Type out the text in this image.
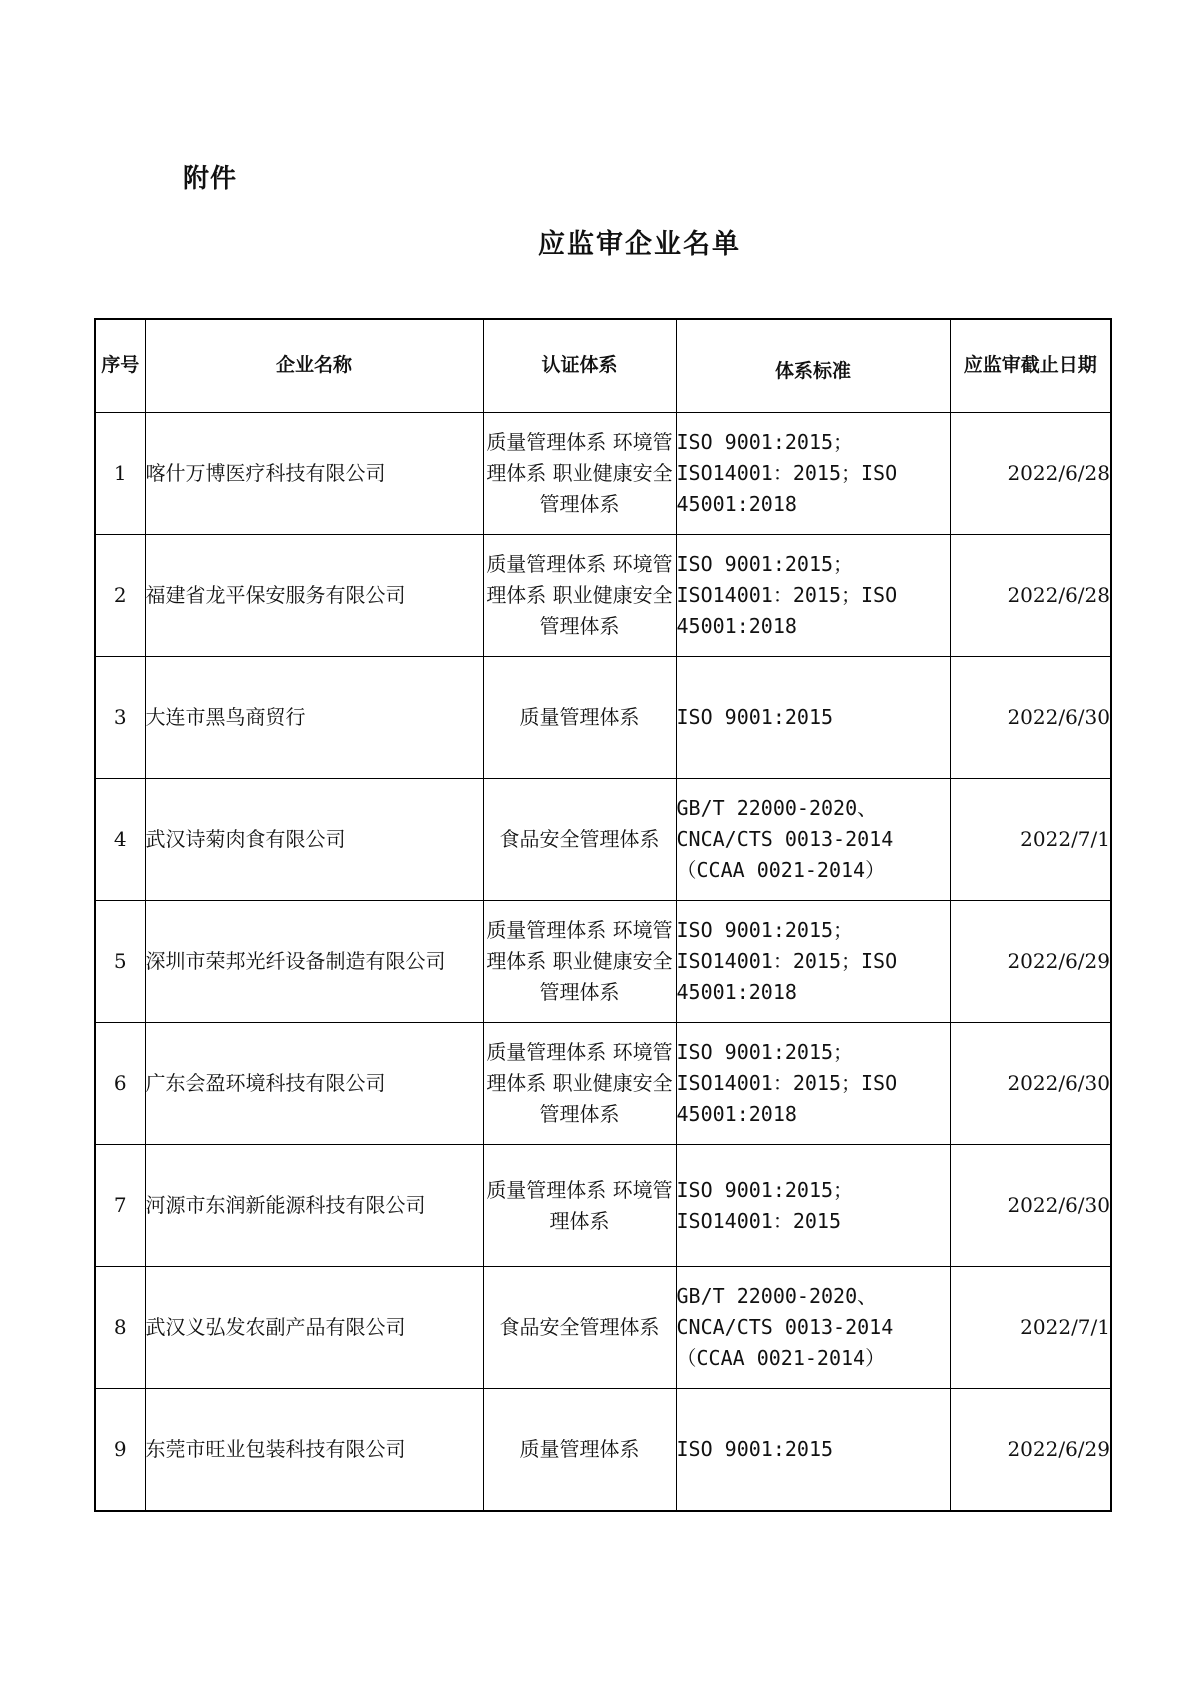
附件
应监审企业名单
序号	企业名称	认证体系	体系标准	应监审截止日期
1	喀什万博医疗科技有限公司	质量管理体系 环境管理体系 职业健康安全管理体系	ISO 9001:2015；
ISO14001：2015；ISO 45001:2018	2022/6/28
2	福建省龙平保安服务有限公司	质量管理体系 环境管理体系 职业健康安全管理体系	ISO 9001:2015；
ISO14001：2015；ISO 45001:2018	2022/6/28
3	大连市黑鸟商贸行	质量管理体系	ISO 9001:2015	2022/6/30
4	武汉诗菊肉食有限公司	食品安全管理体系	GB/T 22000-2020、
CNCA/CTS 0013-2014
（CCAA 0021-2014）	2022/7/1
5	深圳市荣邦光纤设备制造有限公司	质量管理体系 环境管理体系 职业健康安全管理体系	ISO 9001:2015；
ISO14001：2015；ISO 45001:2018	2022/6/29
6	广东会盈环境科技有限公司	质量管理体系 环境管理体系 职业健康安全管理体系	ISO 9001:2015；
ISO14001：2015；ISO 45001:2018	2022/6/30
7	河源市东润新能源科技有限公司	质量管理体系 环境管理体系	ISO 9001:2015；
ISO14001：2015	2022/6/30
8	武汉义弘发农副产品有限公司	食品安全管理体系	GB/T 22000-2020、
CNCA/CTS 0013-2014
（CCAA 0021-2014）	2022/7/1
9	东莞市旺业包装科技有限公司	质量管理体系	ISO 9001:2015	2022/6/29
